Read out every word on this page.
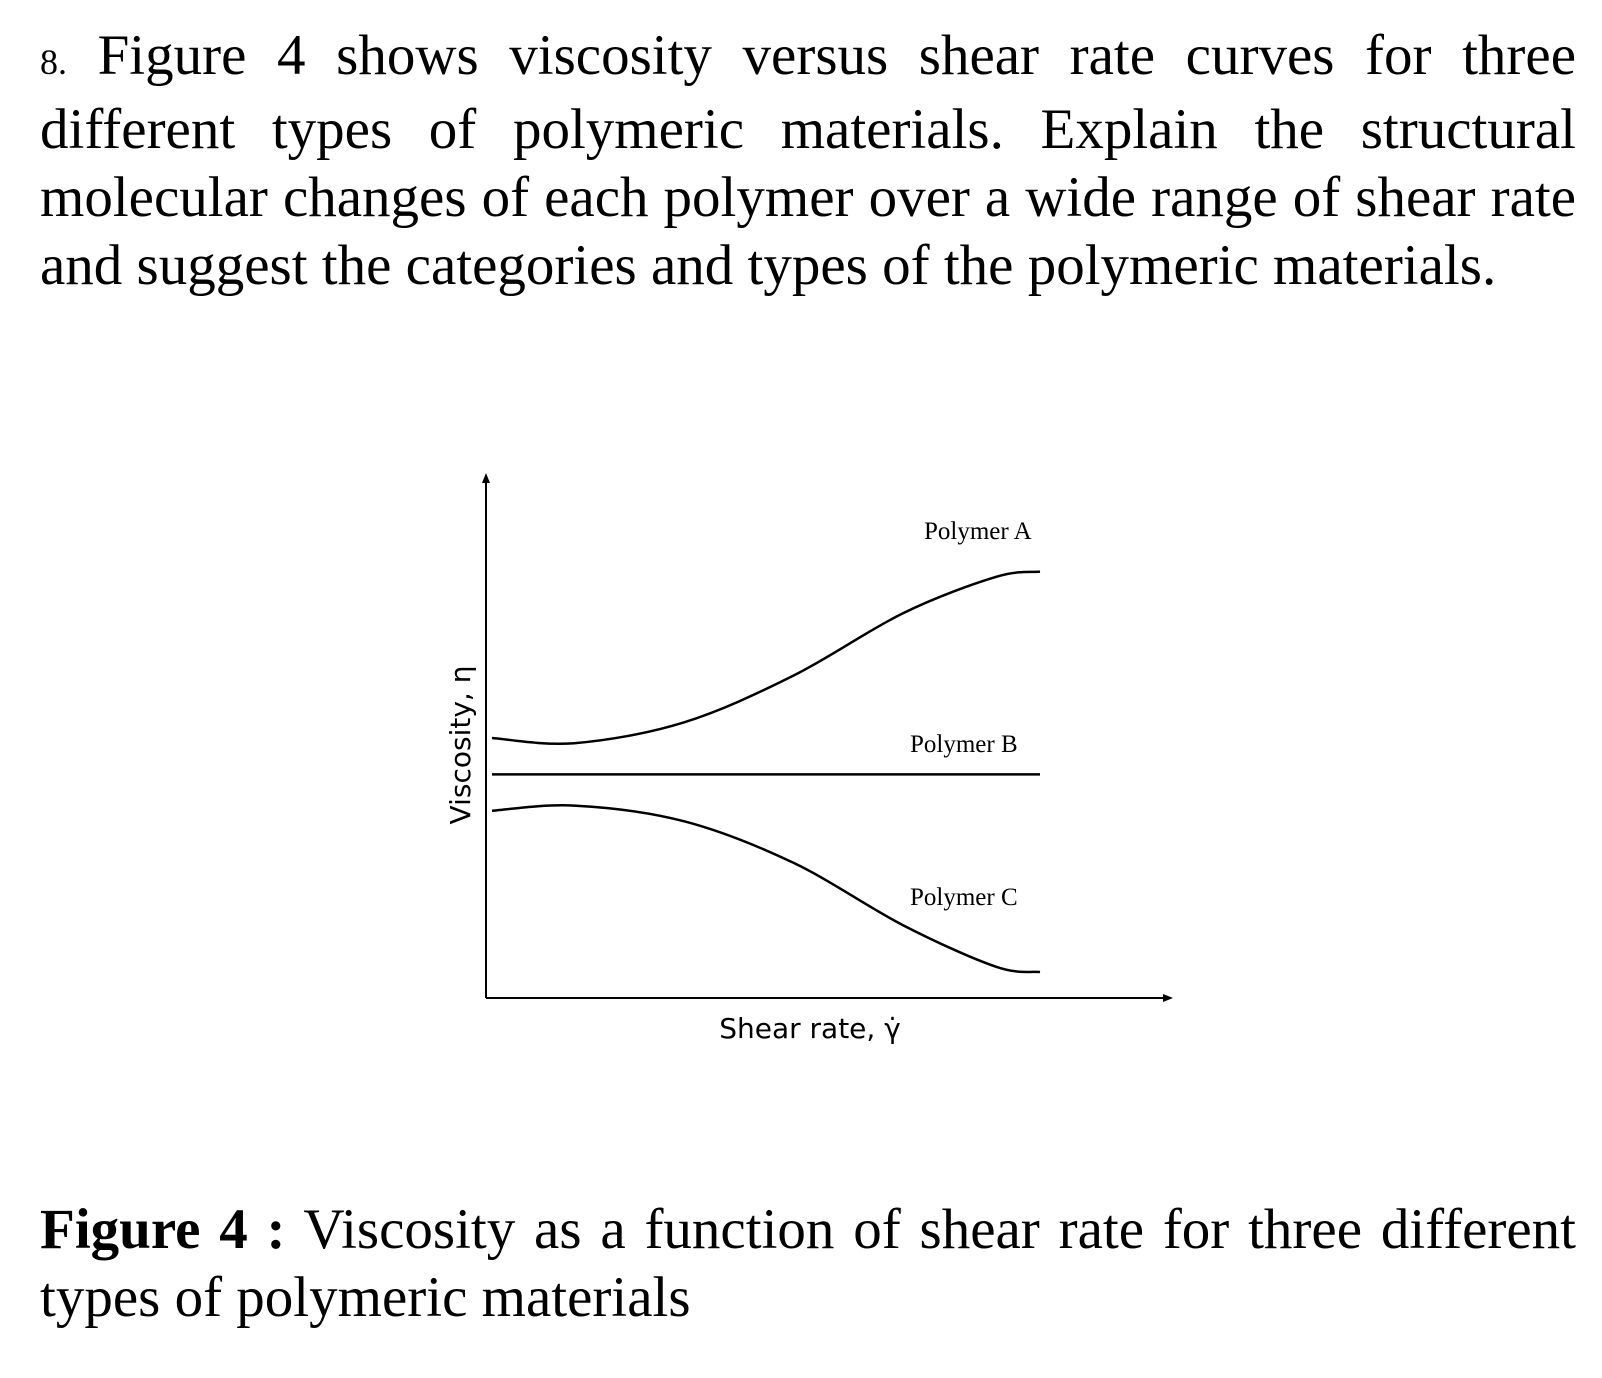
8. Figure 4 shows viscosity versus shear rate curves for three different types of polymeric materials. Explain the structural molecular changes of each polymer over a wide range of shear rate and suggest the categories and types of the polymeric materials.

Polymer A
Polymer B
Polymer C
Shear rate, γ̇
Viscosity, η

Figure 4 : Viscosity as a function of shear rate for three different types of polymeric materials
